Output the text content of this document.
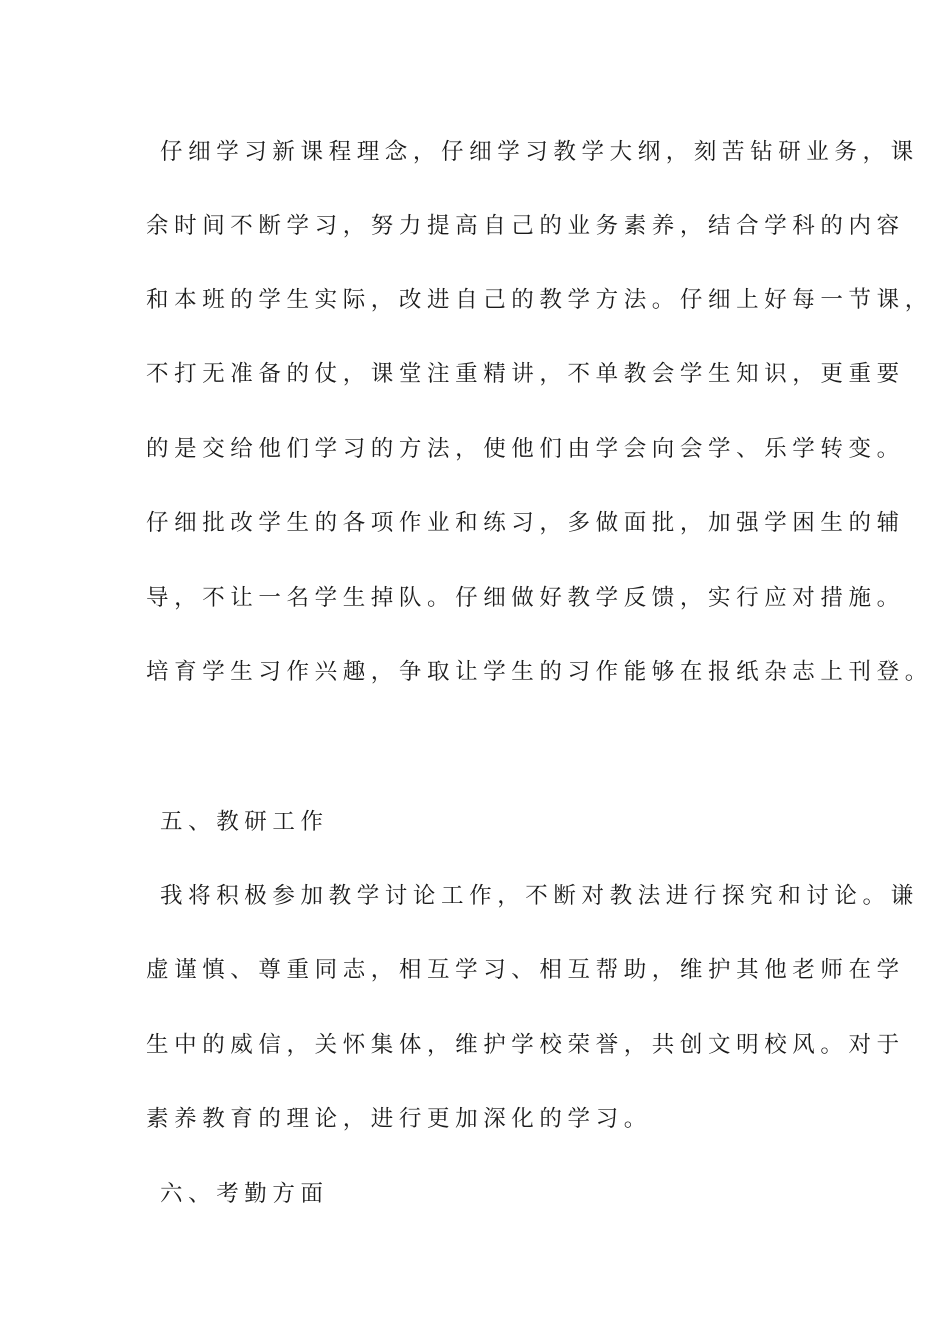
仔细学习新课程理念，仔细学习教学大纲，刻苦钻研业务，课
余时间不断学习，努力提高自己的业务素养，结合学科的内容
和本班的学生实际，改进自己的教学方法。仔细上好每一节课，
不打无准备的仗，课堂注重精讲，不单教会学生知识，更重要
的是交给他们学习的方法，使他们由学会向会学、乐学转变。
仔细批改学生的各项作业和练习，多做面批，加强学困生的辅
导，不让一名学生掉队。仔细做好教学反馈，实行应对措施。
培育学生习作兴趣，争取让学生的习作能够在报纸杂志上刊登。
五、教研工作
我将积极参加教学讨论工作，不断对教法进行探究和讨论。谦
虚谨慎、尊重同志，相互学习、相互帮助，维护其他老师在学
生中的威信，关怀集体，维护学校荣誉，共创文明校风。对于
素养教育的理论，进行更加深化的学习。
六、考勤方面
